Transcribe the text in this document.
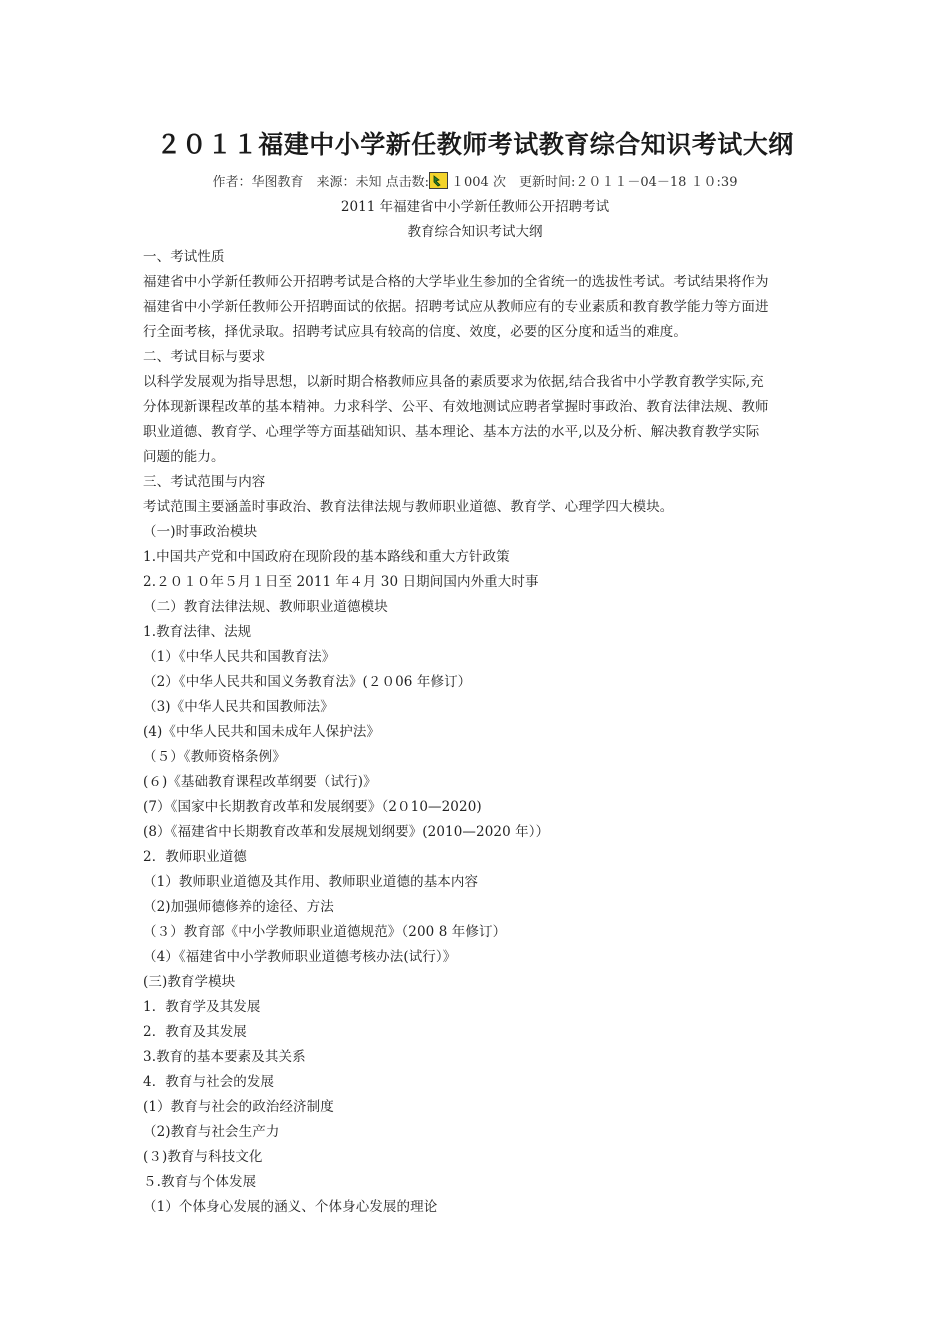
２０１１福建中小学新任教师考试教育综合知识考试大纲
作者：华图教育　来源：未知 点击数: １004 次　更新时间:２０１１－04－18 １０:39
2011 年福建省中小学新任教师公开招聘考试
教育综合知识考试大纲
一、考试性质
福建省中小学新任教师公开招聘考试是合格的大学毕业生参加的全省统一的选拔性考试。考试结果将作为
福建省中小学新任教师公开招聘面试的依据。招聘考试应从教师应有的专业素质和教育教学能力等方面进
行全面考核，择优录取。招聘考试应具有较高的信度、效度，必要的区分度和适当的难度。
二、考试目标与要求
以科学发展观为指导思想，以新时期合格教师应具备的素质要求为依据,结合我省中小学教育教学实际,充
分体现新课程改革的基本精神。力求科学、公平、有效地测试应聘者掌握时事政治、教育法律法规、教师
职业道德、教育学、心理学等方面基础知识、基本理论、基本方法的水平,以及分析、解决教育教学实际
问题的能力。
三、考试范围与内容
考试范围主要涵盖时事政治、教育法律法规与教师职业道德、教育学、心理学四大模块。
（一)时事政治模块
1.中国共产党和中国政府在现阶段的基本路线和重大方针政策
2.２０１０年５月１日至 2011 年４月 30 日期间国内外重大时事
（二）教育法律法规、教师职业道德模块
1.教育法律、法规
（1）《中华人民共和国教育法》
（2）《中华人民共和国义务教育法》(２０06 年修订）
（3)《中华人民共和国教师法》
(4)《中华人民共和国未成年人保护法》
（５）《教师资格条例》
(６)《基础教育课程改革纲要（试行)》
(7）《国家中长期教育改革和发展纲要》（2０10—2020)
(8）《福建省中长期教育改革和发展规划纲要》(2010—2020 年））
2．教师职业道德
（1）教师职业道德及其作用、教师职业道德的基本内容
（2)加强师德修养的途径、方法
（３）教育部《中小学教师职业道德规范》（200 8 年修订）
（4）《福建省中小学教师职业道德考核办法(试行）》
(三)教育学模块
1．教育学及其发展
2．教育及其发展
3.教育的基本要素及其关系
4．教育与社会的发展
(1）教育与社会的政治经济制度
（2)教育与社会生产力
(３)教育与科技文化
５.教育与个体发展
（1）个体身心发展的涵义、个体身心发展的理论
